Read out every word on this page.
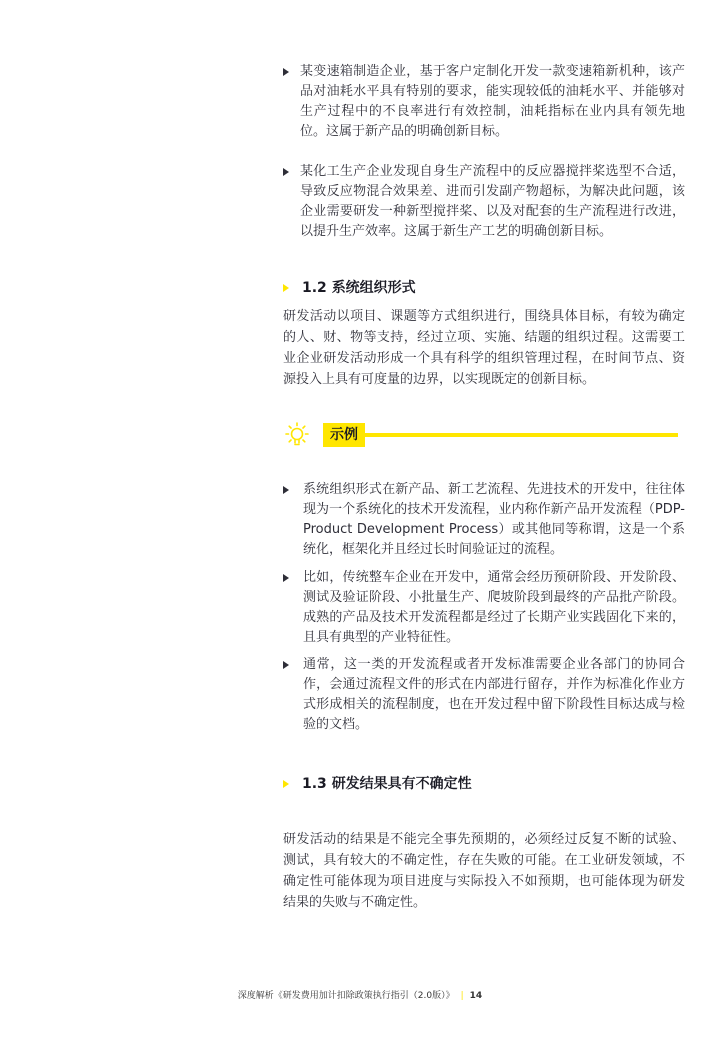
某变速箱制造企业，基于客户定制化开发一款变速箱新机种，该产品对油耗水平具有特别的要求，能实现较低的油耗水平、并能够对生产过程中的不良率进行有效控制，油耗指标在业内具有领先地位。这属于新产品的明确创新目标。
某化工生产企业发现自身生产流程中的反应器搅拌桨选型不合适，导致反应物混合效果差、进而引发副产物超标，为解决此问题，该企业需要研发一种新型搅拌桨、以及对配套的生产流程进行改进，以提升生产效率。这属于新生产工艺的明确创新目标。
1.2 系统组织形式
研发活动以项目、课题等方式组织进行，围绕具体目标，有较为确定的人、财、物等支持，经过立项、实施、结题的组织过程。这需要工业企业研发活动形成一个具有科学的组织管理过程，在时间节点、资源投入上具有可度量的边界，以实现既定的创新目标。
示例
系统组织形式在新产品、新工艺流程、先进技术的开发中，往往体现为一个系统化的技术开发流程，业内称作新产品开发流程（PDP-Product Development Process）或其他同等称谓，这是一个系统化，框架化并且经过长时间验证过的流程。
比如，传统整车企业在开发中，通常会经历预研阶段、开发阶段、测试及验证阶段、小批量生产、爬坡阶段到最终的产品批产阶段。成熟的产品及技术开发流程都是经过了长期产业实践固化下来的，且具有典型的产业特征性。
通常，这一类的开发流程或者开发标准需要企业各部门的协同合作，会通过流程文件的形式在内部进行留存，并作为标准化作业方式形成相关的流程制度，也在开发过程中留下阶段性目标达成与检验的文档。
1.3 研发结果具有不确定性
研发活动的结果是不能完全事先预期的，必须经过反复不断的试验、测试，具有较大的不确定性，存在失败的可能。在工业研发领域，不确定性可能体现为项目进度与实际投入不如预期，也可能体现为研发结果的失败与不确定性。
深度解析《研发费用加计扣除政策执行指引（2.0版）》 | 14
